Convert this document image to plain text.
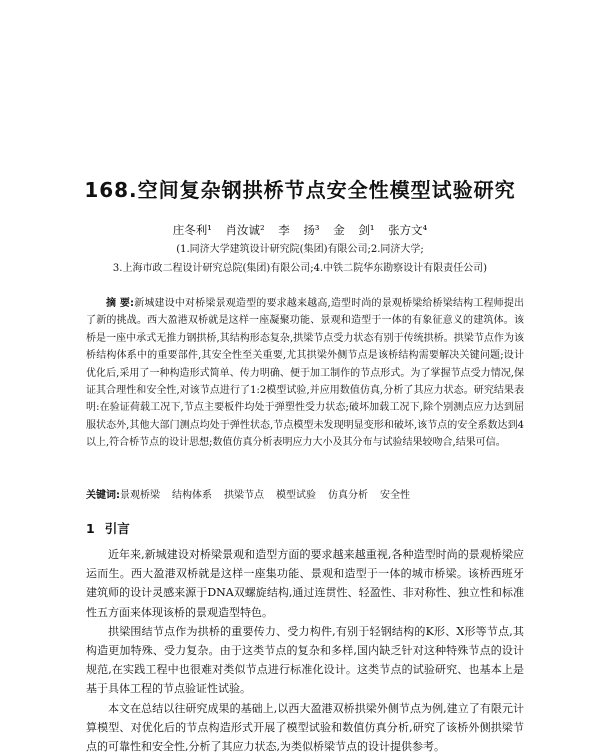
168.空间复杂钢拱桥节点安全性模型试验研究
庄冬利¹ 肖汝诚² 李 扬³ 金 剑¹ 张方文⁴
(1.同济大学建筑设计研究院(集团)有限公司;2.同济大学;
3.上海市政二程设计研究总院(集团)有限公司;4.中铁二院华东勘察设计有限责任公司)

摘 要:新城建设中对桥梁景观造型的要求越来越高,造型时尚的景观桥梁给桥梁结构工程师提出了新的挑战。西大盈港双桥就是这样一座凝聚功能、景观和造型于一体的有象征意义的建筑体。该桥是一座中承式无推力钢拱桥,其结构形态复杂,拱梁节点受力状态有别于传统拱桥。拱梁节点作为该桥结构体系中的重要部件,其安全性至关重要,尤其拱梁外侧节点是该桥结构需要解决关键问题;设计优化后,采用了一种构造形式简单、传力明确、便于加工制作的节点形式。为了掌握节点受力情况,保证其合理性和安全性,对该节点进行了1:2模型试验,并应用数值仿真,分析了其应力状态。研究结果表明:在验证荷载工况下,节点主要板件均处于弹塑性受力状态;破坏加载工况下,除个别测点应力达到屈服状态外,其他大部门测点均处于弹性状态,节点模型未发现明显变形和破坏,该节点的安全系数达到4以上,符合桥节点的设计思想;数值仿真分析表明应力大小及其分布与试验结果较吻合,结果可信。

关键词:景观桥梁 结构体系 拱梁节点 模型试验 仿真分析 安全性

1 引言

近年来,新城建设对桥梁景观和造型方面的要求越来越重视,各种造型时尚的景观桥梁应运而生。西大盈港双桥就是这样一座集功能、景观和造型于一体的城市桥梁。该桥西班牙建筑师的设计灵感来源于DNA双螺旋结构,通过连贯性、轻盈性、非对称性、独立性和标准性五方面来体现该桥的景观造型特色。

拱梁围结节点作为拱桥的重要传力、受力构件,有别于轻钢结构的K形、X形等节点,其构造更加特殊、受力复杂。由于这类节点的复杂和多样,国内缺乏针对这种特殊节点的设计规范,在实践工程中也很难对类似节点进行标准化设计。这类节点的试验研究、也基本上是基于具体工程的节点验证性试验。

本文在总结以往研究成果的基础上,以西大盈港双桥拱梁外侧节点为例,建立了有限元计算模型、对优化后的节点构造形式开展了模型试验和数值仿真分析,研究了该桥外侧拱梁节点的可靠性和安全性,分析了其应力状态,为类似桥梁节点的设计提供参考。
